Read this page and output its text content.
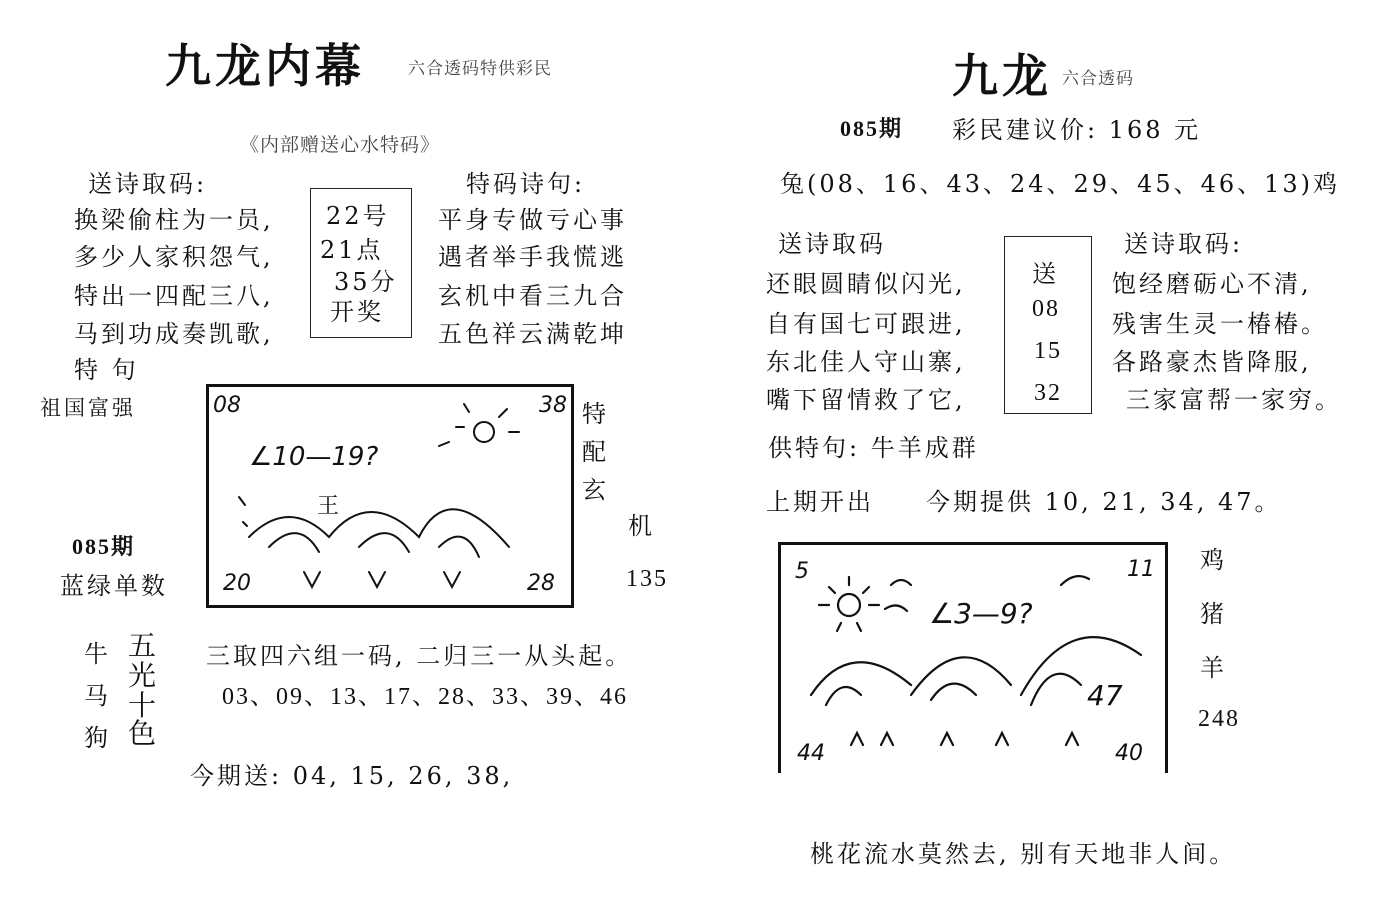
九龙内幕	六合透码特供彩民
《内部赠送心水特码》
送诗取码:	特码诗句:
换梁偷柱为一员,
多少人家积怨气,
特出一四配三八,
马到功成奏凯歌,
22号
21点
35分
开奖
平身专做亏心事
遇者举手我慌逃
玄机中看三九合
五色祥云满乾坤
特 句
祖国富强
085期
蓝绿单数
08	38
∠10—19?
王
20	28
特
配
玄
机
135
牛
马
狗
五
光
十
色
三取四六组一码, 二归三一从头起。
03、09、13、17、28、33、39、46
今期送: 04, 15, 26, 38,
九龙 六合透码
085期 彩民建议价: 168 元
兔(08、16、43、24、29、45、46、13)鸡
送诗取码	送诗取码:
还眼圆睛似闪光,
自有国七可跟进,
东北佳人守山寨,
嘴下留情救了它,
送
08
15
32
饱经磨砺心不清,
残害生灵一椿椿。
各路豪杰皆降服,
三家富帮一家穷。
供特句: 牛羊成群
上期开出 今期提供 10, 21, 34, 47。
5	11
∠3—9?
47
44	40
鸡
猪
羊
248
桃花流水莫然去, 别有天地非人间。
